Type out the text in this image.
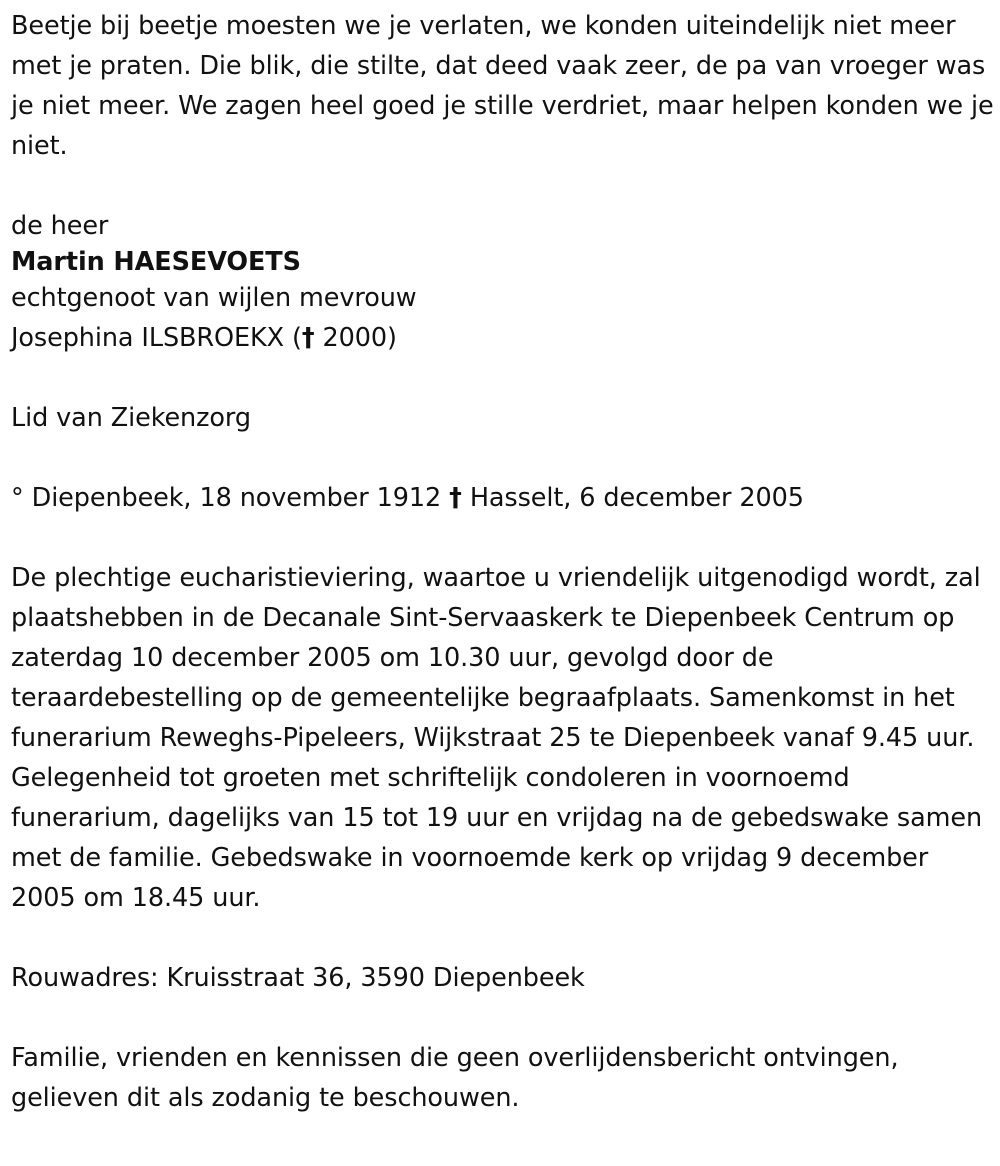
Beetje bij beetje moesten we je verlaten, we konden uiteindelijk niet meer met je praten. Die blik, die stilte, dat deed vaak zeer, de pa van vroeger was je niet meer. We zagen heel goed je stille verdriet, maar helpen konden we je niet.

de heer

Martin HAESEVOETS

echtgenoot van wijlen mevrouw

Josephina ILSBROEKX († 2000)

Lid van Ziekenzorg

° Diepenbeek, 18 november 1912 † Hasselt, 6 december 2005

De plechtige eucharistieviering, waartoe u vriendelijk uitgenodigd wordt, zal plaatshebben in de Decanale Sint-Servaaskerk te Diepenbeek Centrum op zaterdag 10 december 2005 om 10.30 uur, gevolgd door de teraardebestelling op de gemeentelijke begraafplaats. Samenkomst in het funerarium Reweghs-Pipeleers, Wijkstraat 25 te Diepenbeek vanaf 9.45 uur. Gelegenheid tot groeten met schriftelijk condoleren in voornoemd funerarium, dagelijks van 15 tot 19 uur en vrijdag na de gebedswake samen met de familie. Gebedswake in voornoemde kerk op vrijdag 9 december 2005 om 18.45 uur.

Rouwadres: Kruisstraat 36, 3590 Diepenbeek

Familie, vrienden en kennissen die geen overlijdensbericht ontvingen, gelieven dit als zodanig te beschouwen.
